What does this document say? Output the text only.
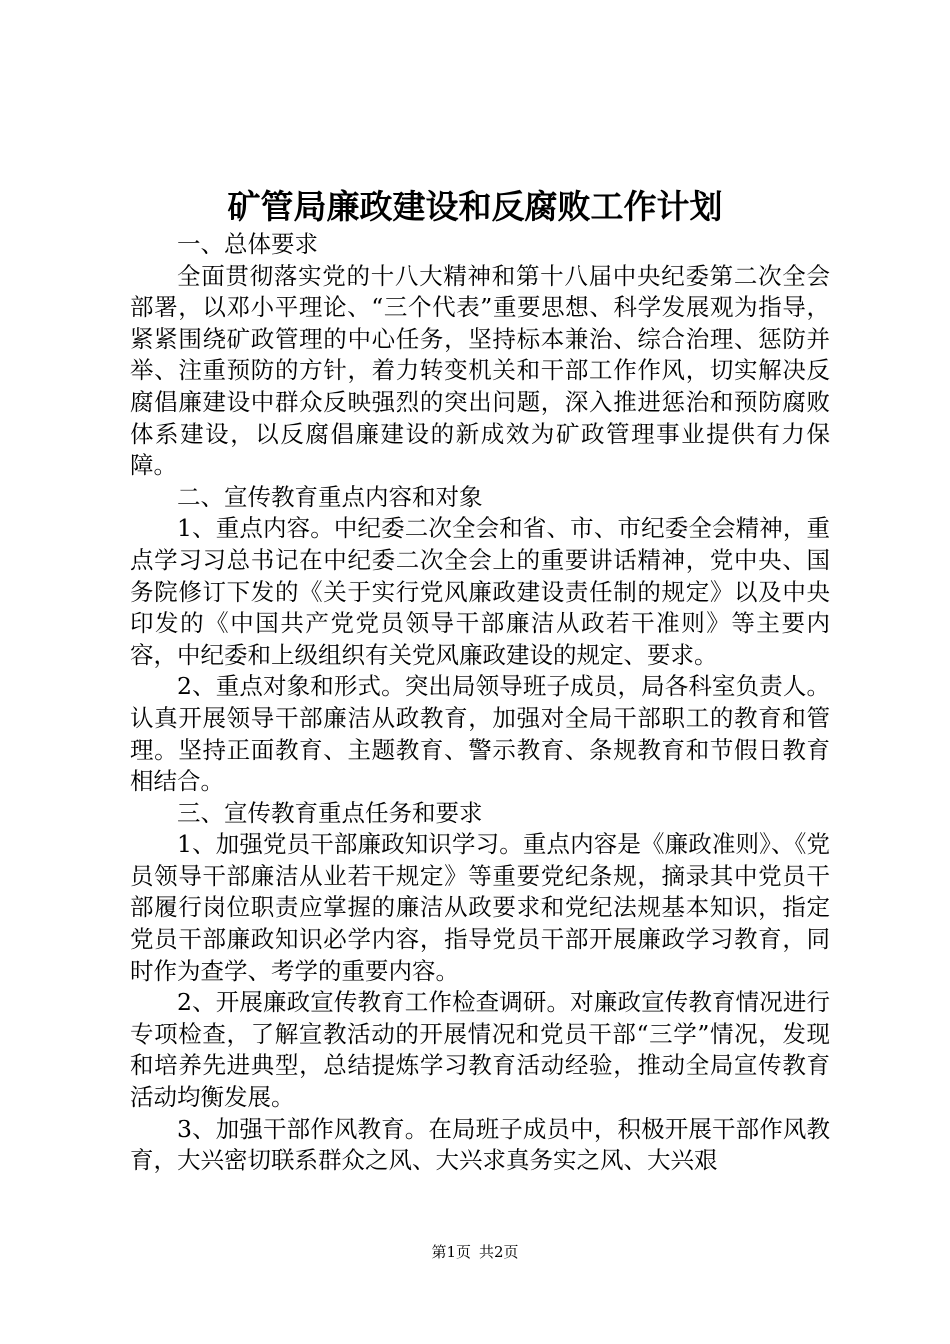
矿管局廉政建设和反腐败工作计划

一、总体要求

全面贯彻落实党的十八大精神和第十八届中央纪委第二次全会部署，以邓小平理论、“三个代表”重要思想、科学发展观为指导，紧紧围绕矿政管理的中心任务，坚持标本兼治、综合治理、惩防并举、注重预防的方针，着力转变机关和干部工作作风，切实解决反腐倡廉建设中群众反映强烈的突出问题，深入推进惩治和预防腐败体系建设，以反腐倡廉建设的新成效为矿政管理事业提供有力保障。

二、宣传教育重点内容和对象

1、重点内容。中纪委二次全会和省、市、市纪委全会精神，重点学习习总书记在中纪委二次全会上的重要讲话精神，党中央、国务院修订下发的《关于实行党风廉政建设责任制的规定》以及中央印发的《中国共产党党员领导干部廉洁从政若干准则》等主要内容，中纪委和上级组织有关党风廉政建设的规定、要求。

2、重点对象和形式。突出局领导班子成员，局各科室负责人。认真开展领导干部廉洁从政教育，加强对全局干部职工的教育和管理。坚持正面教育、主题教育、警示教育、条规教育和节假日教育相结合。

三、宣传教育重点任务和要求

1、加强党员干部廉政知识学习。重点内容是《廉政准则》、《党员领导干部廉洁从业若干规定》等重要党纪条规，摘录其中党员干部履行岗位职责应掌握的廉洁从政要求和党纪法规基本知识，指定党员干部廉政知识必学内容，指导党员干部开展廉政学习教育，同时作为查学、考学的重要内容。

2、开展廉政宣传教育工作检查调研。对廉政宣传教育情况进行专项检查，了解宣教活动的开展情况和党员干部“三学”情况，发现和培养先进典型，总结提炼学习教育活动经验，推动全局宣传教育活动均衡发展。

3、加强干部作风教育。在局班子成员中，积极开展干部作风教育，大兴密切联系群众之风、大兴求真务实之风、大兴艰

第1页 共2页
